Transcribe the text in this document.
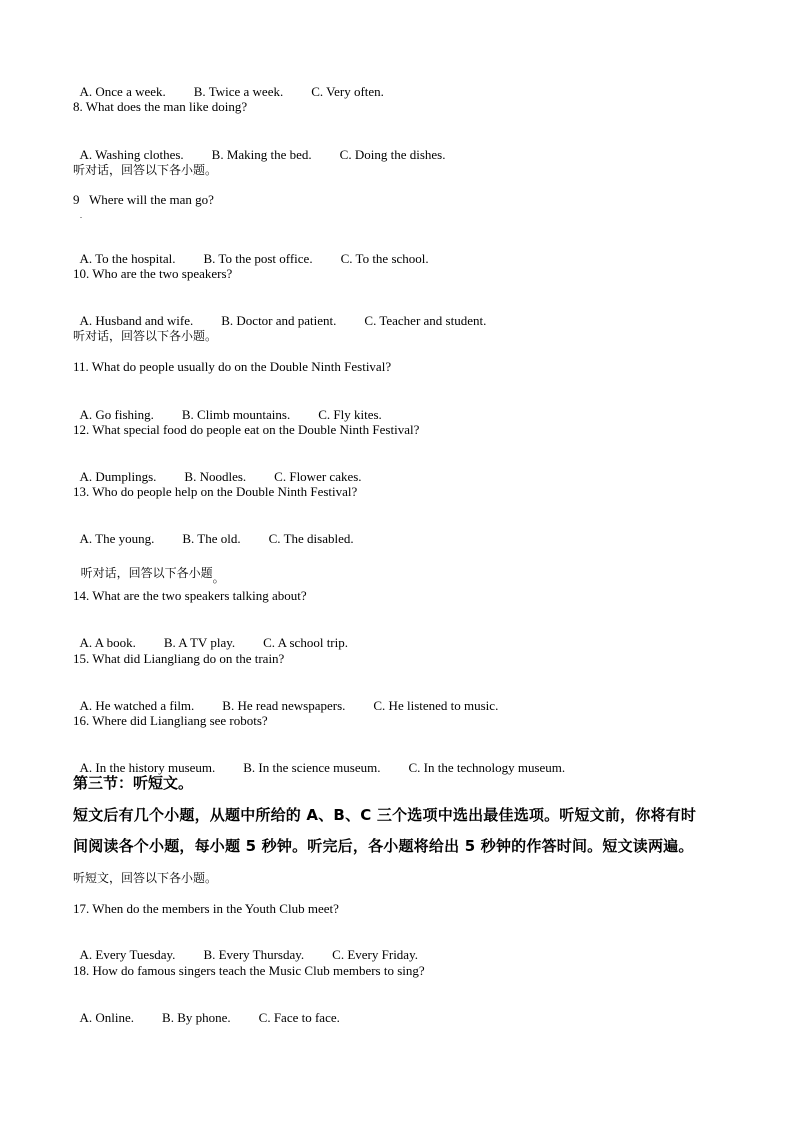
A. Once a week. B. Twice a week. C. Very often.

8. What does the man like doing?

A. Washing clothes. B. Making the bed. C. Doing the dishes.

听对话，回答以下各小题。
9   Where will the man go?
.

A. To the hospital. B. To the post office. C. To the school.

10. Who are the two speakers?

A. Husband and wife. B. Doctor and patient. C. Teacher and student.

听对话，回答以下各小题。
11. What do people usually do on the Double Ninth Festival?

A. Go fishing. B. Climb mountains. C. Fly kites.

12. What special food do people eat on the Double Ninth Festival?

A. Dumplings. B. Noodles. C. Flower cakes.

13. Who do people help on the Double Ninth Festival?

A. The young. B. The old. C. The disabled.

听对话，回答以下各小题。

14. What are the two speakers talking about?

A. A book. B. A TV play. C. A school trip.

15. What did Liangliang do on the train?

A. He watched a film. B. He read newspapers. C. He listened to music.

16. Where did Liangliang see robots?

A. In the history museum. B. In the science museum. C. In the technology museum.

第三节：听短文。
短文后有几个小题，从题中所给的 A、B、C 三个选项中选出最佳选项。听短文前，你将有时
间阅读各个小题，每小题 5 秒钟。听完后，各小题将给出 5 秒钟的作答时间。短文读两遍。
听短文，回答以下各小题。
17. When do the members in the Youth Club meet?

A. Every Tuesday. B. Every Thursday. C. Every Friday.

18. How do famous singers teach the Music Club members to sing?

A. Online. B. By phone. C. Face to face.
